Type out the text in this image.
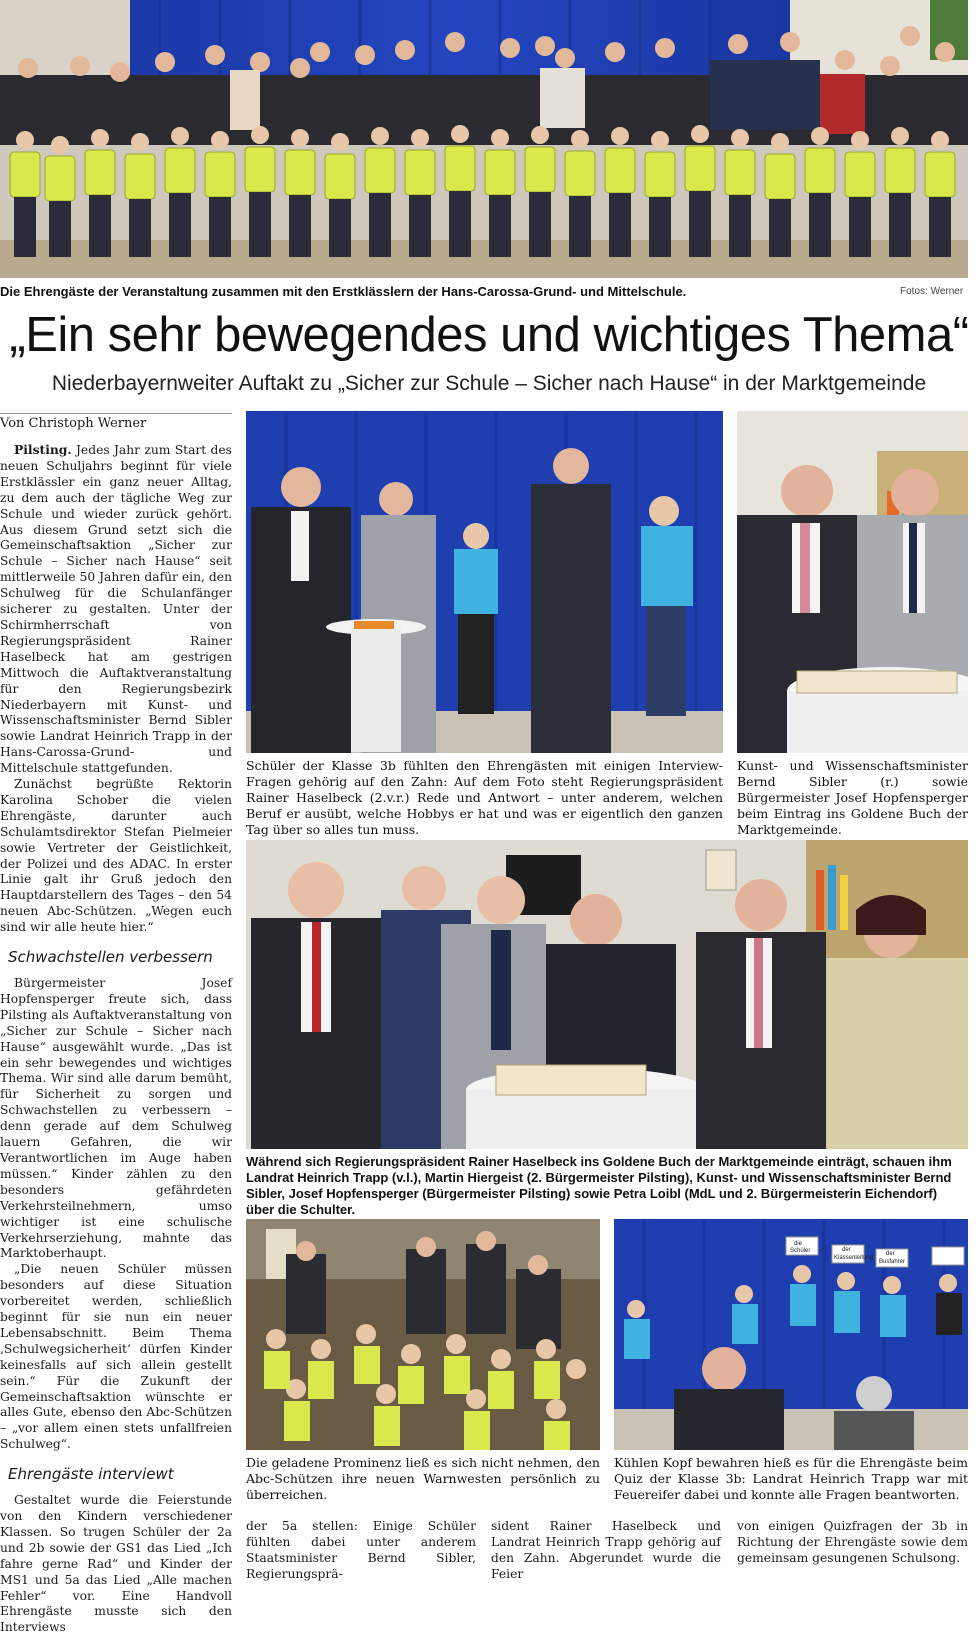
Die Ehrengäste der Veranstaltung zusammen mit den Erstklässlern der Hans-Carossa-Grund- und Mittelschule.	Fotos: Werner
„Ein sehr bewegendes und wichtiges Thema“
Niederbayernweiter Auftakt zu „Sicher zur Schule – Sicher nach Hause“ in der Marktgemeinde
Von Christoph Werner

Pilsting. Jedes Jahr zum Start des neuen Schuljahrs beginnt für viele Erstklässler ein ganz neuer Alltag, zu dem auch der tägliche Weg zur Schule und wieder zurück gehört. Aus diesem Grund setzt sich die Gemeinschaftsaktion „Sicher zur Schule – Sicher nach Hause“ seit mittlerweile 50 Jahren dafür ein, den Schulweg für die Schulanfänger sicherer zu gestalten. Unter der Schirmherrschaft von Regierungspräsident Rainer Haselbeck hat am gestrigen Mittwoch die Auftaktveranstaltung für den Regierungsbezirk Niederbayern mit Kunst- und Wissenschaftsminister Bernd Sibler sowie Landrat Heinrich Trapp in der Hans-Carossa-Grund- und Mittelschule stattgefunden.

Zunächst begrüßte Rektorin Karolina Schober die vielen Ehrengäste, darunter auch Schulamtsdirektor Stefan Pielmeier sowie Vertreter der Geistlichkeit, der Polizei und des ADAC. In erster Linie galt ihr Gruß jedoch den Hauptdarstellern des Tages – den 54 neuen Abc-Schützen. „Wegen euch sind wir alle heute hier.“

Schwachstellen verbessern

Bürgermeister Josef Hopfensperger freute sich, dass Pilsting als Auftaktveranstaltung von „Sicher zur Schule – Sicher nach Hause“ ausgewählt wurde. „Das ist ein sehr bewegendes und wichtiges Thema. Wir sind alle darum bemüht, für Sicherheit zu sorgen und Schwachstellen zu verbessern – denn gerade auf dem Schulweg lauern Gefahren, die wir Verantwortlichen im Auge haben müssen.“ Kinder zählen zu den besonders gefährdeten Verkehrsteilnehmern, umso wichtiger ist eine schulische Verkehrserziehung, mahnte das Marktoberhaupt.

„Die neuen Schüler müssen besonders auf diese Situation vorbereitet werden, schließlich beginnt für sie nun ein neuer Lebensabschnitt. Beim Thema ‚Schulwegsicherheit‘ dürfen Kinder keinesfalls auf sich allein gestellt sein.“ Für die Zukunft der Gemeinschaftsaktion wünschte er alles Gute, ebenso den Abc-Schützen – „vor allem einen stets unfallfreien Schulweg“.

Ehrengäste interviewt

Gestaltet wurde die Feierstunde von den Kindern verschiedener Klassen. So trugen Schüler der 2a und 2b sowie der GS1 das Lied „Ich fahre gerne Rad“ und Kinder der MS1 und 5a das Lied „Alle machen Fehler“ vor. Eine Handvoll Ehrengäste musste sich den Interviews

Schüler der Klasse 3b fühlten den Ehrengästen mit einigen Interview-Fragen gehörig auf den Zahn: Auf dem Foto steht Regierungspräsident Rainer Haselbeck (2.v.r.) Rede und Antwort – unter anderem, welchen Beruf er ausübt, welche Hobbys er hat und was er eigentlich den ganzen Tag über so alles tun muss.
Kunst- und Wissenschaftsminister Bernd Sibler (r.) sowie Bürgermeister Josef Hopfensperger beim Eintrag ins Goldene Buch der Marktgemeinde.
Während sich Regierungspräsident Rainer Haselbeck ins Goldene Buch der Marktgemeinde einträgt, schauen ihm Landrat Heinrich Trapp (v.l.), Martin Hiergeist (2. Bürgermeister Pilsting), Kunst- und Wissenschaftsminister Bernd Sibler, Josef Hopfensperger (Bürgermeister Pilsting) sowie Petra Loibl (MdL und 2. Bürgermeisterin Eichendorf) über die Schulter.
Die geladene Prominenz ließ es sich nicht nehmen, den Abc-Schützen ihre neuen Warnwesten persönlich zu überreichen.
die
Schüler	der
Klassenleitung
der
Busfahrer
Kühlen Kopf bewahren hieß es für die Ehrengäste beim Quiz der Klasse 3b: Landrat Heinrich Trapp war mit Feuereifer dabei und konnte alle Fragen beantworten.

der 5a stellen: Einige Schüler fühlten dabei unter anderem Staatsminister Bernd Sibler, Regierungsprä-

sident Rainer Haselbeck und Landrat Heinrich Trapp gehörig auf den Zahn. Abgerundet wurde die Feier

von einigen Quizfragen der 3b in Richtung der Ehrengäste sowie dem gemeinsam gesungenen Schulsong.
